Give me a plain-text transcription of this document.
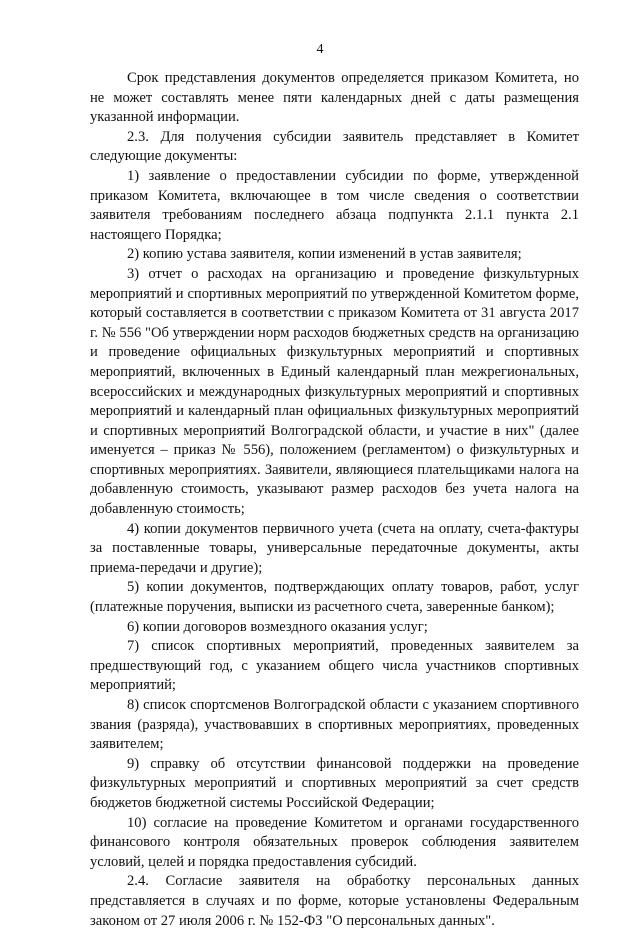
4

Срок представления документов определяется приказом Комитета, но не может составлять менее пяти календарных дней с даты размещения указанной информации.

2.3. Для получения субсидии заявитель представляет в Комитет следующие документы:

1) заявление о предоставлении субсидии по форме, утвержденной приказом Комитета, включающее в том числе сведения о соответствии заявителя требованиям последнего абзаца подпункта 2.1.1 пункта 2.1 настоящего Порядка;

2) копию устава заявителя, копии изменений в устав заявителя;

3) отчет о расходах на организацию и проведение физкультурных мероприятий и спортивных мероприятий по утвержденной Комитетом форме, который составляется в соответствии с приказом Комитета от 31 августа 2017 г. № 556 "Об утверждении норм расходов бюджетных средств на организацию и проведение официальных физкультурных мероприятий и спортивных мероприятий, включенных в Единый календарный план межрегиональных, всероссийских и международных физкультурных мероприятий и спортивных мероприятий и календарный план официальных физкультурных мероприятий и спортивных мероприятий Волгоградской области, и участие в них" (далее именуется – приказ № 556), положением (регламентом) о физкультурных и спортивных мероприятиях. Заявители, являющиеся плательщиками налога на добавленную стоимость, указывают размер расходов без учета налога на добавленную стоимость;

4) копии документов первичного учета (счета на оплату, счета-фактуры за поставленные товары, универсальные передаточные документы, акты приема-передачи и другие);

5) копии документов, подтверждающих оплату товаров, работ, услуг (платежные поручения, выписки из расчетного счета, заверенные банком);

6) копии договоров возмездного оказания услуг;

7) список спортивных мероприятий, проведенных заявителем за предшествующий год, с указанием общего числа участников спортивных мероприятий;

8) список спортсменов Волгоградской области с указанием спортивного звания (разряда), участвовавших в спортивных мероприятиях, проведенных заявителем;

9) справку об отсутствии финансовой поддержки на проведение физкультурных мероприятий и спортивных мероприятий за счет средств бюджетов бюджетной системы Российской Федерации;

10) согласие на проведение Комитетом и органами государственного финансового контроля обязательных проверок соблюдения заявителем условий, целей и порядка предоставления субсидий.

2.4. Согласие заявителя на обработку персональных данных представляется в случаях и по форме, которые установлены Федеральным законом от 27 июля 2006 г. № 152-ФЗ "О персональных данных".
